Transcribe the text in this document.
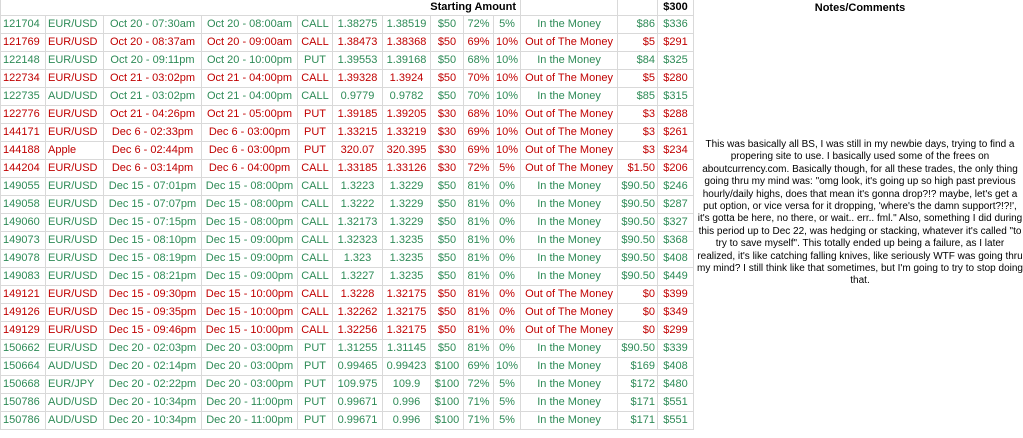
Starting Amount												$300
121704	EUR/USD	Oct 20 - 07:30am	Oct 20 - 08:00am	CALL	1.38275	1.38519	$50	72%	5%	In the Money	$86	$336
121769	EUR/USD	Oct 20 - 08:37am	Oct 20 - 09:00am	CALL	1.38473	1.38368	$50	69%	10%	Out of The Money	$5	$291
122148	EUR/USD	Oct 20 - 09:11pm	Oct 20 - 10:00pm	PUT	1.39553	1.39168	$50	68%	10%	In the Money	$84	$325
122734	EUR/USD	Oct 21 - 03:02pm	Oct 21 - 04:00pm	CALL	1.39328	1.3924	$50	70%	10%	Out of The Money	$5	$280
122735	AUD/USD	Oct 21 - 03:02pm	Oct 21 - 04:00pm	CALL	0.9779	0.9782	$50	70%	10%	In the Money	$85	$315
122776	EUR/USD	Oct 21 - 04:26pm	Oct 21 - 05:00pm	PUT	1.39185	1.39205	$30	68%	10%	Out of The Money	$3	$288
144171	EUR/USD	Dec 6 - 02:33pm	Dec 6 - 03:00pm	PUT	1.33215	1.33219	$30	69%	10%	Out of The Money	$3	$261
144188	Apple	Dec 6 - 02:44pm	Dec 6 - 03:00pm	PUT	320.07	320.395	$30	69%	10%	Out of The Money	$3	$234
144204	EUR/USD	Dec 6 - 03:14pm	Dec 6 - 04:00pm	CALL	1.33185	1.33126	$30	72%	5%	Out of The Money	$1.50	$206
149055	EUR/USD	Dec 15 - 07:01pm	Dec 15 - 08:00pm	CALL	1.3223	1.3229	$50	81%	0%	In the Money	$90.50	$246
149058	EUR/USD	Dec 15 - 07:07pm	Dec 15 - 08:00pm	CALL	1.3222	1.3229	$50	81%	0%	In the Money	$90.50	$287
149060	EUR/USD	Dec 15 - 07:15pm	Dec 15 - 08:00pm	CALL	1.32173	1.3229	$50	81%	0%	In the Money	$90.50	$327
149073	EUR/USD	Dec 15 - 08:10pm	Dec 15 - 09:00pm	CALL	1.32323	1.3235	$50	81%	0%	In the Money	$90.50	$368
149078	EUR/USD	Dec 15 - 08:19pm	Dec 15 - 09:00pm	CALL	1.323	1.3235	$50	81%	0%	In the Money	$90.50	$408
149083	EUR/USD	Dec 15 - 08:21pm	Dec 15 - 09:00pm	CALL	1.3227	1.3235	$50	81%	0%	In the Money	$90.50	$449
149121	EUR/USD	Dec 15 - 09:30pm	Dec 15 - 10:00pm	CALL	1.3228	1.32175	$50	81%	0%	Out of The Money	$0	$399
149126	EUR/USD	Dec 15 - 09:35pm	Dec 15 - 10:00pm	CALL	1.32262	1.32175	$50	81%	0%	Out of The Money	$0	$349
149129	EUR/USD	Dec 15 - 09:46pm	Dec 15 - 10:00pm	CALL	1.32256	1.32175	$50	81%	0%	Out of The Money	$0	$299
150662	EUR/USD	Dec 20 - 02:03pm	Dec 20 - 03:00pm	PUT	1.31255	1.31145	$50	81%	0%	In the Money	$90.50	$339
150664	AUD/USD	Dec 20 - 02:14pm	Dec 20 - 03:00pm	PUT	0.99465	0.99423	$100	69%	10%	In the Money	$169	$408
150668	EUR/JPY	Dec 20 - 02:22pm	Dec 20 - 03:00pm	PUT	109.975	109.9	$100	72%	5%	In the Money	$172	$480
150786	AUD/USD	Dec 20 - 10:34pm	Dec 20 - 11:00pm	PUT	0.99671	0.996	$100	71%	5%	In the Money	$171	$551
150786	AUD/USD	Dec 20 - 10:34pm	Dec 20 - 11:00pm	PUT	0.99671	0.996	$100	71%	5%	In the Money	$171	$551
Notes/Comments
This was basically all BS, I was still in my newbie days, trying to find a propering site to use. I basically used some of the frees on aboutcurrency.com. Basically though, for all these trades, the only thing going thru my mind was: "omg look, it's going up so high past previous hourly/daily highs, does that mean it's gonna drop?!? maybe, let's get a put option, or vice versa for it dropping, 'where's the damn support?!?!', it's gotta be here, no there, or wait.. err.. fml." Also, something I did during this period up to Dec 22, was hedging or stacking, whatever it's called "to try to save myself". This totally ended up being a failure, as I later realized, it's like catching falling knives, like seriously WTF was going thru my mind? I still think like that sometimes, but I'm going to try to stop doing that.
